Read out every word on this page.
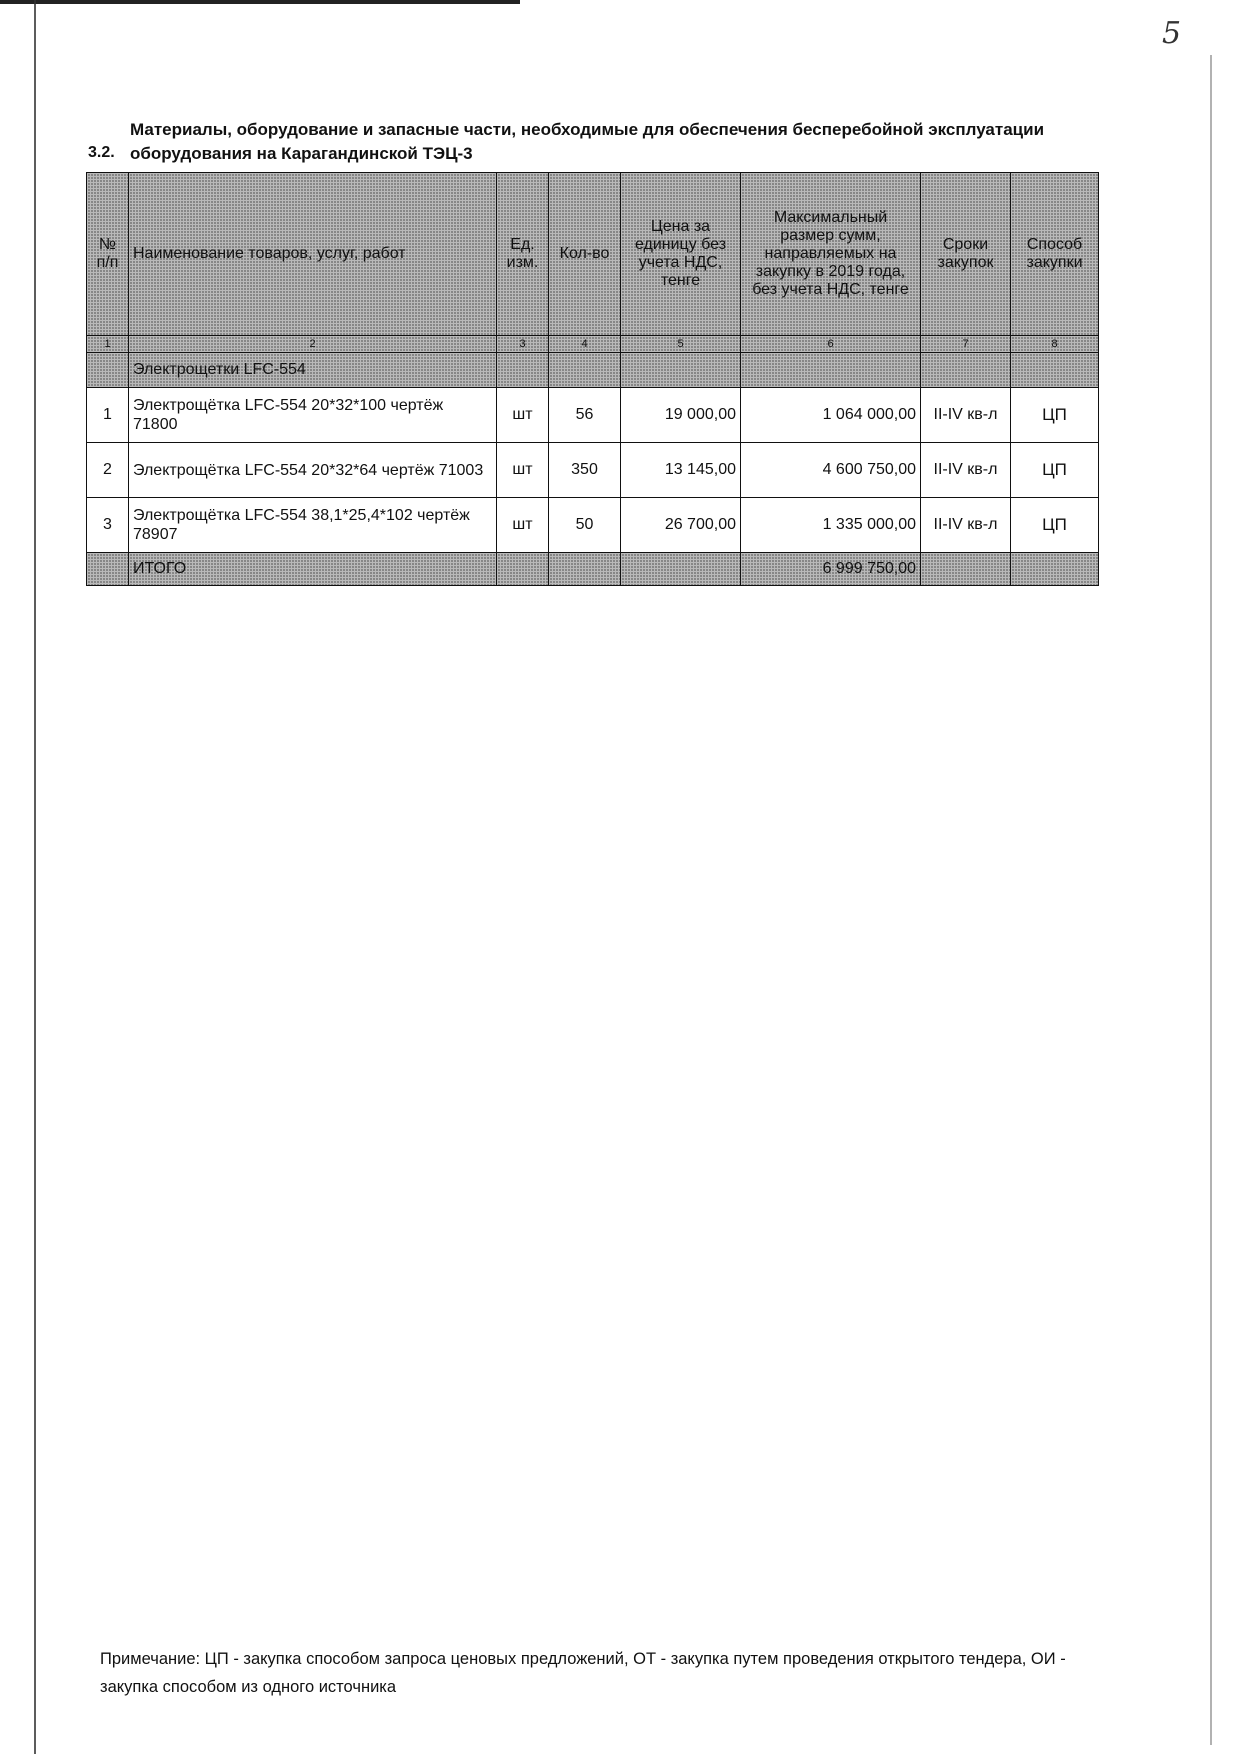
5
3.2.
Материалы, оборудование и запасные части, необходимые для обеспечения бесперебойной эксплуатации оборудования на Карагандинской ТЭЦ-3
№ п/п	Наименование товаров, услуг, работ	Ед. изм.	Кол-во	Цена за единицу без учета НДС, тенге	Максимальный размер сумм, направляемых на закупку в 2019 года, без учета НДС, тенге	Сроки закупок	Способ закупки
1	2	3	4	5	6	7	8
	Электрощетки LFC-554						
1	Электрощётка LFC-554 20*32*100 чертёж 71800	шт	56	19 000,00	1 064 000,00	II-IV кв-л	ЦП
2	Электрощётка LFC-554 20*32*64 чертёж 71003	шт	350	13 145,00	4 600 750,00	II-IV кв-л	ЦП
3	Электрощётка LFC-554 38,1*25,4*102 чертёж 78907	шт	50	26 700,00	1 335 000,00	II-IV кв-л	ЦП
	ИТОГО				6 999 750,00		
Примечание: ЦП - закупка способом запроса ценовых предложений, ОТ - закупка путем проведения открытого тендера, ОИ - закупка способом из одного источника
